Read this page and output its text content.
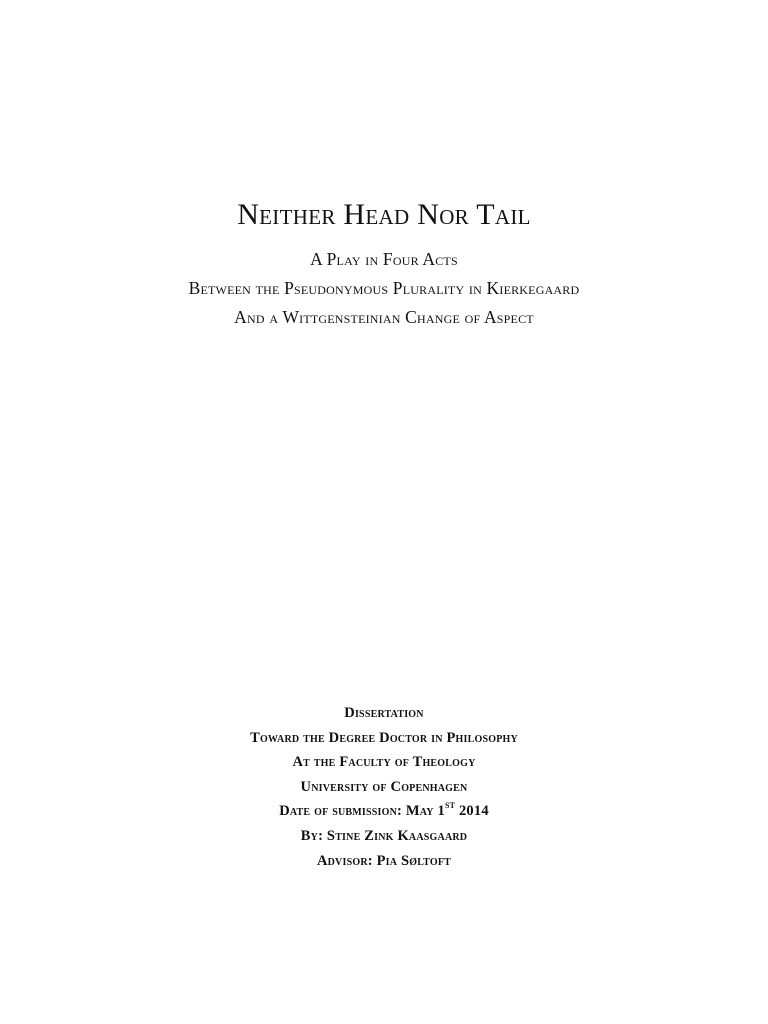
Neither Head Nor Tail
A Play in Four Acts
Between the Pseudonymous Plurality in Kierkegaard
And a Wittgensteinian Change of Aspect
Dissertation
Toward the Degree Doctor in Philosophy
At the Faculty of Theology
University of Copenhagen
Date of submission: May 1ST 2014
By: Stine Zink Kaasgaard
Advisor: Pia Søltoft
